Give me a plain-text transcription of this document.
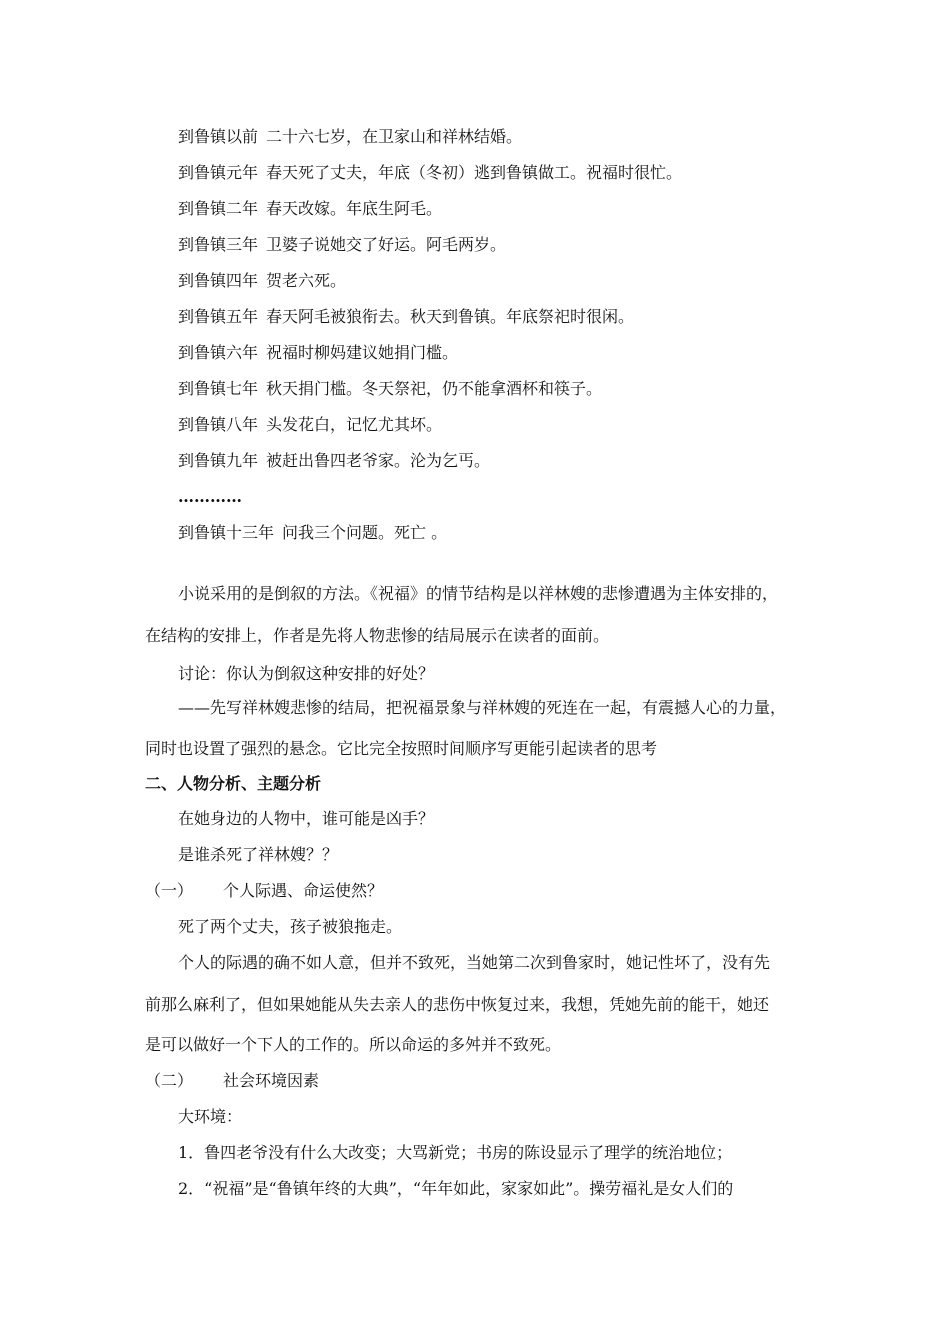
到鲁镇以前 二十六七岁，在卫家山和祥林结婚。
到鲁镇元年 春天死了丈夫，年底（冬初）逃到鲁镇做工。祝福时很忙。
到鲁镇二年 春天改嫁。年底生阿毛。
到鲁镇三年 卫婆子说她交了好运。阿毛两岁。
到鲁镇四年 贺老六死。
到鲁镇五年 春天阿毛被狼衔去。秋天到鲁镇。年底祭祀时很闲。
到鲁镇六年 祝福时柳妈建议她捐门槛。
到鲁镇七年 秋天捐门槛。冬天祭祀，仍不能拿酒杯和筷子。
到鲁镇八年 头发花白，记忆尤其坏。
到鲁镇九年 被赶出鲁四老爷家。沦为乞丐。
…………
到鲁镇十三年 问我三个问题。死亡 。
小说采用的是倒叙的方法。《祝福》的情节结构是以祥林嫂的悲惨遭遇为主体安排的，
在结构的安排上，作者是先将人物悲惨的结局展示在读者的面前。
讨论：你认为倒叙这种安排的好处？
——先写祥林嫂悲惨的结局，把祝福景象与祥林嫂的死连在一起，有震撼人心的力量，
同时也设置了强烈的悬念。它比完全按照时间顺序写更能引起读者的思考
二、人物分析、主题分析
在她身边的人物中，谁可能是凶手？
是谁杀死了祥林嫂？？
（一） 个人际遇、命运使然？
死了两个丈夫，孩子被狼拖走。
个人的际遇的确不如人意，但并不致死，当她第二次到鲁家时，她记性坏了，没有先
前那么麻利了，但如果她能从失去亲人的悲伤中恢复过来，我想，凭她先前的能干，她还
是可以做好一个下人的工作的。所以命运的多舛并不致死。
（二） 社会环境因素
大环境：
1．鲁四老爷没有什么大改变；大骂新党；书房的陈设显示了理学的统治地位；
2．“祝福”是“鲁镇年终的大典”，“年年如此，家家如此”。操劳福礼是女人们的
